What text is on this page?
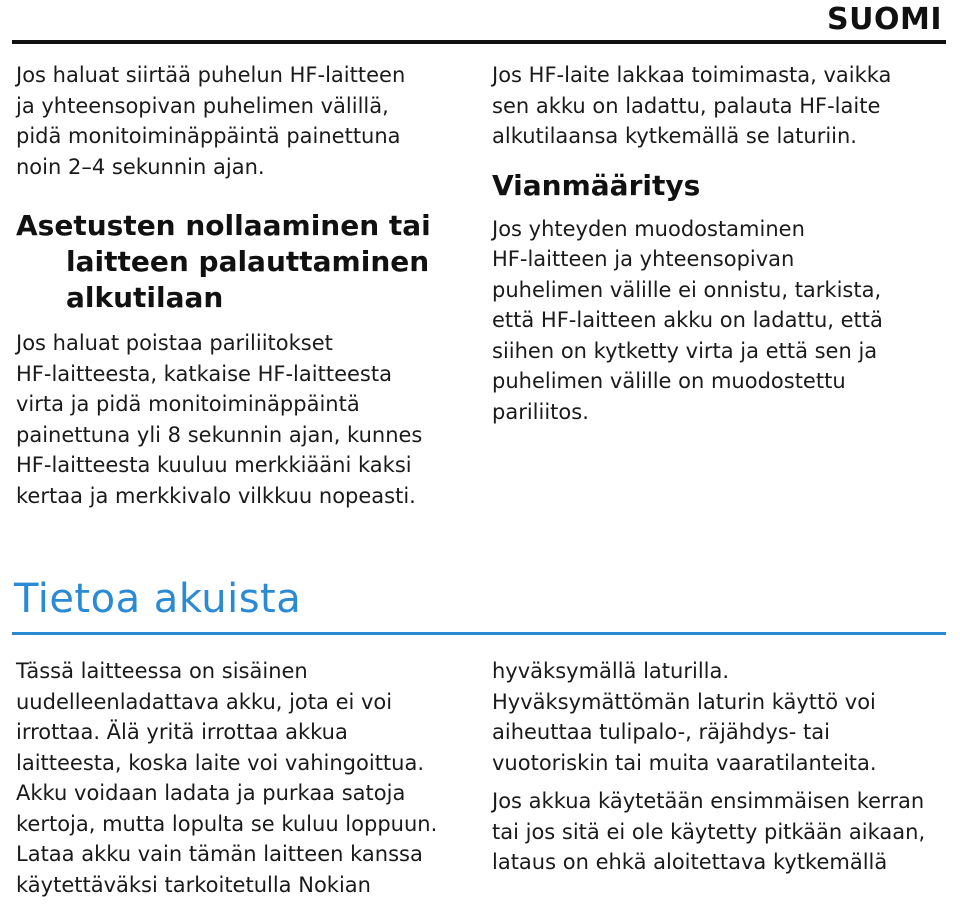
SUOMI
Jos haluat siirtää puhelun HF-laitteen
ja yhteensopivan puhelimen välillä,
pidä monitoiminäppäintä painettuna
noin 2–4 sekunnin ajan.
Asetusten nollaaminen tai
laitteen palauttaminen
alkutilaan
Jos haluat poistaa pariliitokset
HF-laitteesta, katkaise HF-laitteesta
virta ja pidä monitoiminäppäintä
painettuna yli 8 sekunnin ajan, kunnes
HF-laitteesta kuuluu merkkiääni kaksi
kertaa ja merkkivalo vilkkuu nopeasti.
Jos HF-laite lakkaa toimimasta, vaikka
sen akku on ladattu, palauta HF-laite
alkutilaansa kytkemällä se laturiin.
Vianmääritys
Jos yhteyden muodostaminen
HF-laitteen ja yhteensopivan
puhelimen välille ei onnistu, tarkista,
että HF-laitteen akku on ladattu, että
siihen on kytketty virta ja että sen ja
puhelimen välille on muodostettu
pariliitos.
Tietoa akuista
Tässä laitteessa on sisäinen
uudelleenladattava akku, jota ei voi
irrottaa. Älä yritä irrottaa akkua
laitteesta, koska laite voi vahingoittua.
Akku voidaan ladata ja purkaa satoja
kertoja, mutta lopulta se kuluu loppuun.
Lataa akku vain tämän laitteen kanssa
käytettäväksi tarkoitetulla Nokian
hyväksymällä laturilla.
Hyväksymättömän laturin käyttö voi
aiheuttaa tulipalo-, räjähdys- tai
vuotoriskin tai muita vaaratilanteita.
Jos akkua käytetään ensimmäisen kerran
tai jos sitä ei ole käytetty pitkään aikaan,
lataus on ehkä aloitettava kytkemällä
